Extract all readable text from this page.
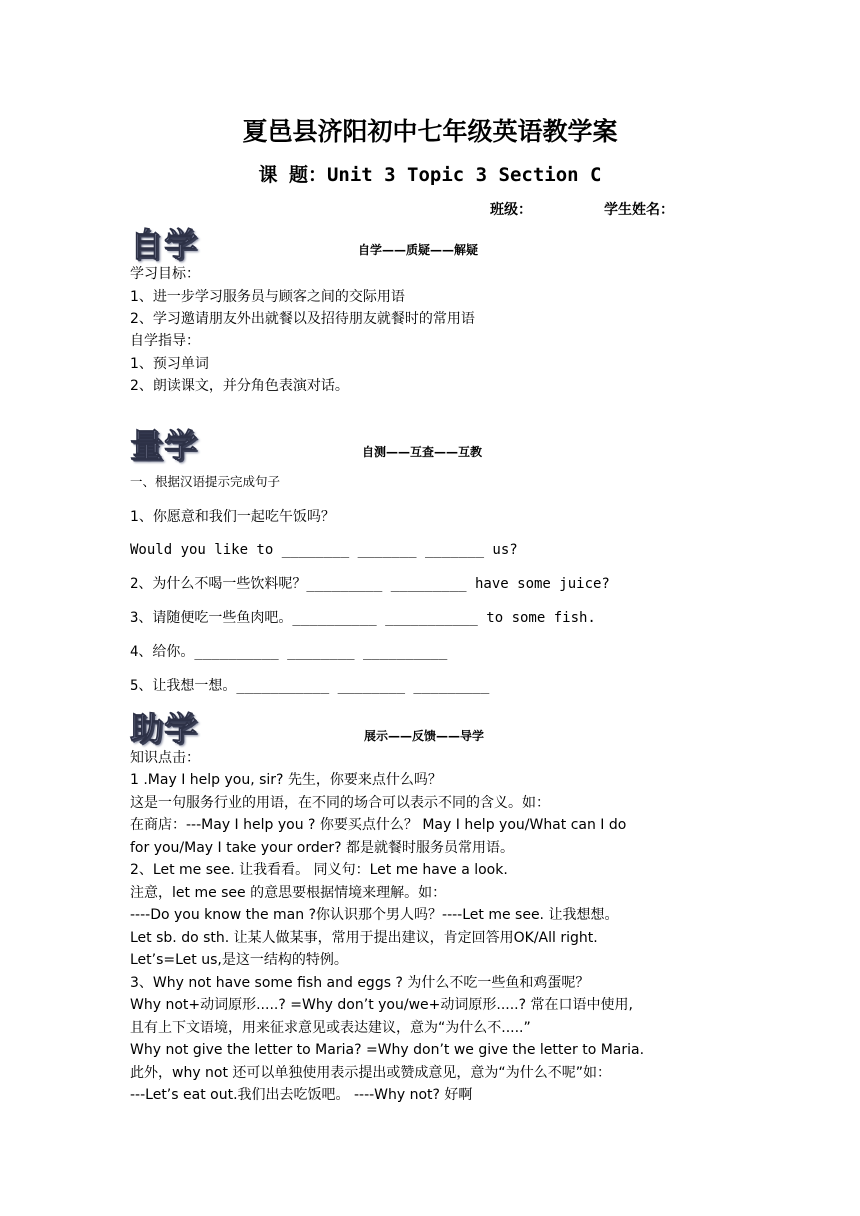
夏邑县济阳初中七年级英语教学案
课 题：Unit 3 Topic 3 Section C
班级：	学生姓名：
自学	自学——质疑——解疑
学习目标：
1、进一步学习服务员与顾客之间的交际用语
2、学习邀请朋友外出就餐以及招待朋友就餐时的常用语
自学指导：
1、预习单词
2、朗读课文，并分角色表演对话。
量学	自测——互查——互教
一、根据汉语提示完成句子
1、你愿意和我们一起吃午饭吗？
Would you like to ________ _______ _______ us?
2、为什么不喝一些饮料呢？_________ _________ have some juice?
3、请随便吃一些鱼肉吧。__________ ___________ to some fish.
4、给你。__________ ________ __________
5、让我想一想。___________ ________ _________
助学	展示——反馈——导学
知识点击：
1 .May I help you, sir? 先生，你要来点什么吗？
这是一句服务行业的用语，在不同的场合可以表示不同的含义。如：
在商店：---May I help you ? 你要买点什么？ May I help you/What can I do
for you/May I take your order? 都是就餐时服务员常用语。
2、Let me see. 让我看看。 同义句：Let me have a look.
注意，let me see 的意思要根据情境来理解。如：
----Do you know the man ?你认识那个男人吗？----Let me see. 让我想想。
Let sb. do sth. 让某人做某事，常用于提出建议，肯定回答用OK/All right.
Let’s=Let us,是这一结构的特例。
3、Why not have some fish and eggs ? 为什么不吃一些鱼和鸡蛋呢？
Why not+动词原形.....? =Why don’t you/we+动词原形.....? 常在口语中使用,
且有上下文语境，用来征求意见或表达建议，意为“为什么不.....”
Why not give the letter to Maria? =Why don’t we give the letter to Maria.
此外，why not 还可以单独使用表示提出或赞成意见，意为“为什么不呢”如：
---Let’s eat out.我们出去吃饭吧。 ----Why not? 好啊
